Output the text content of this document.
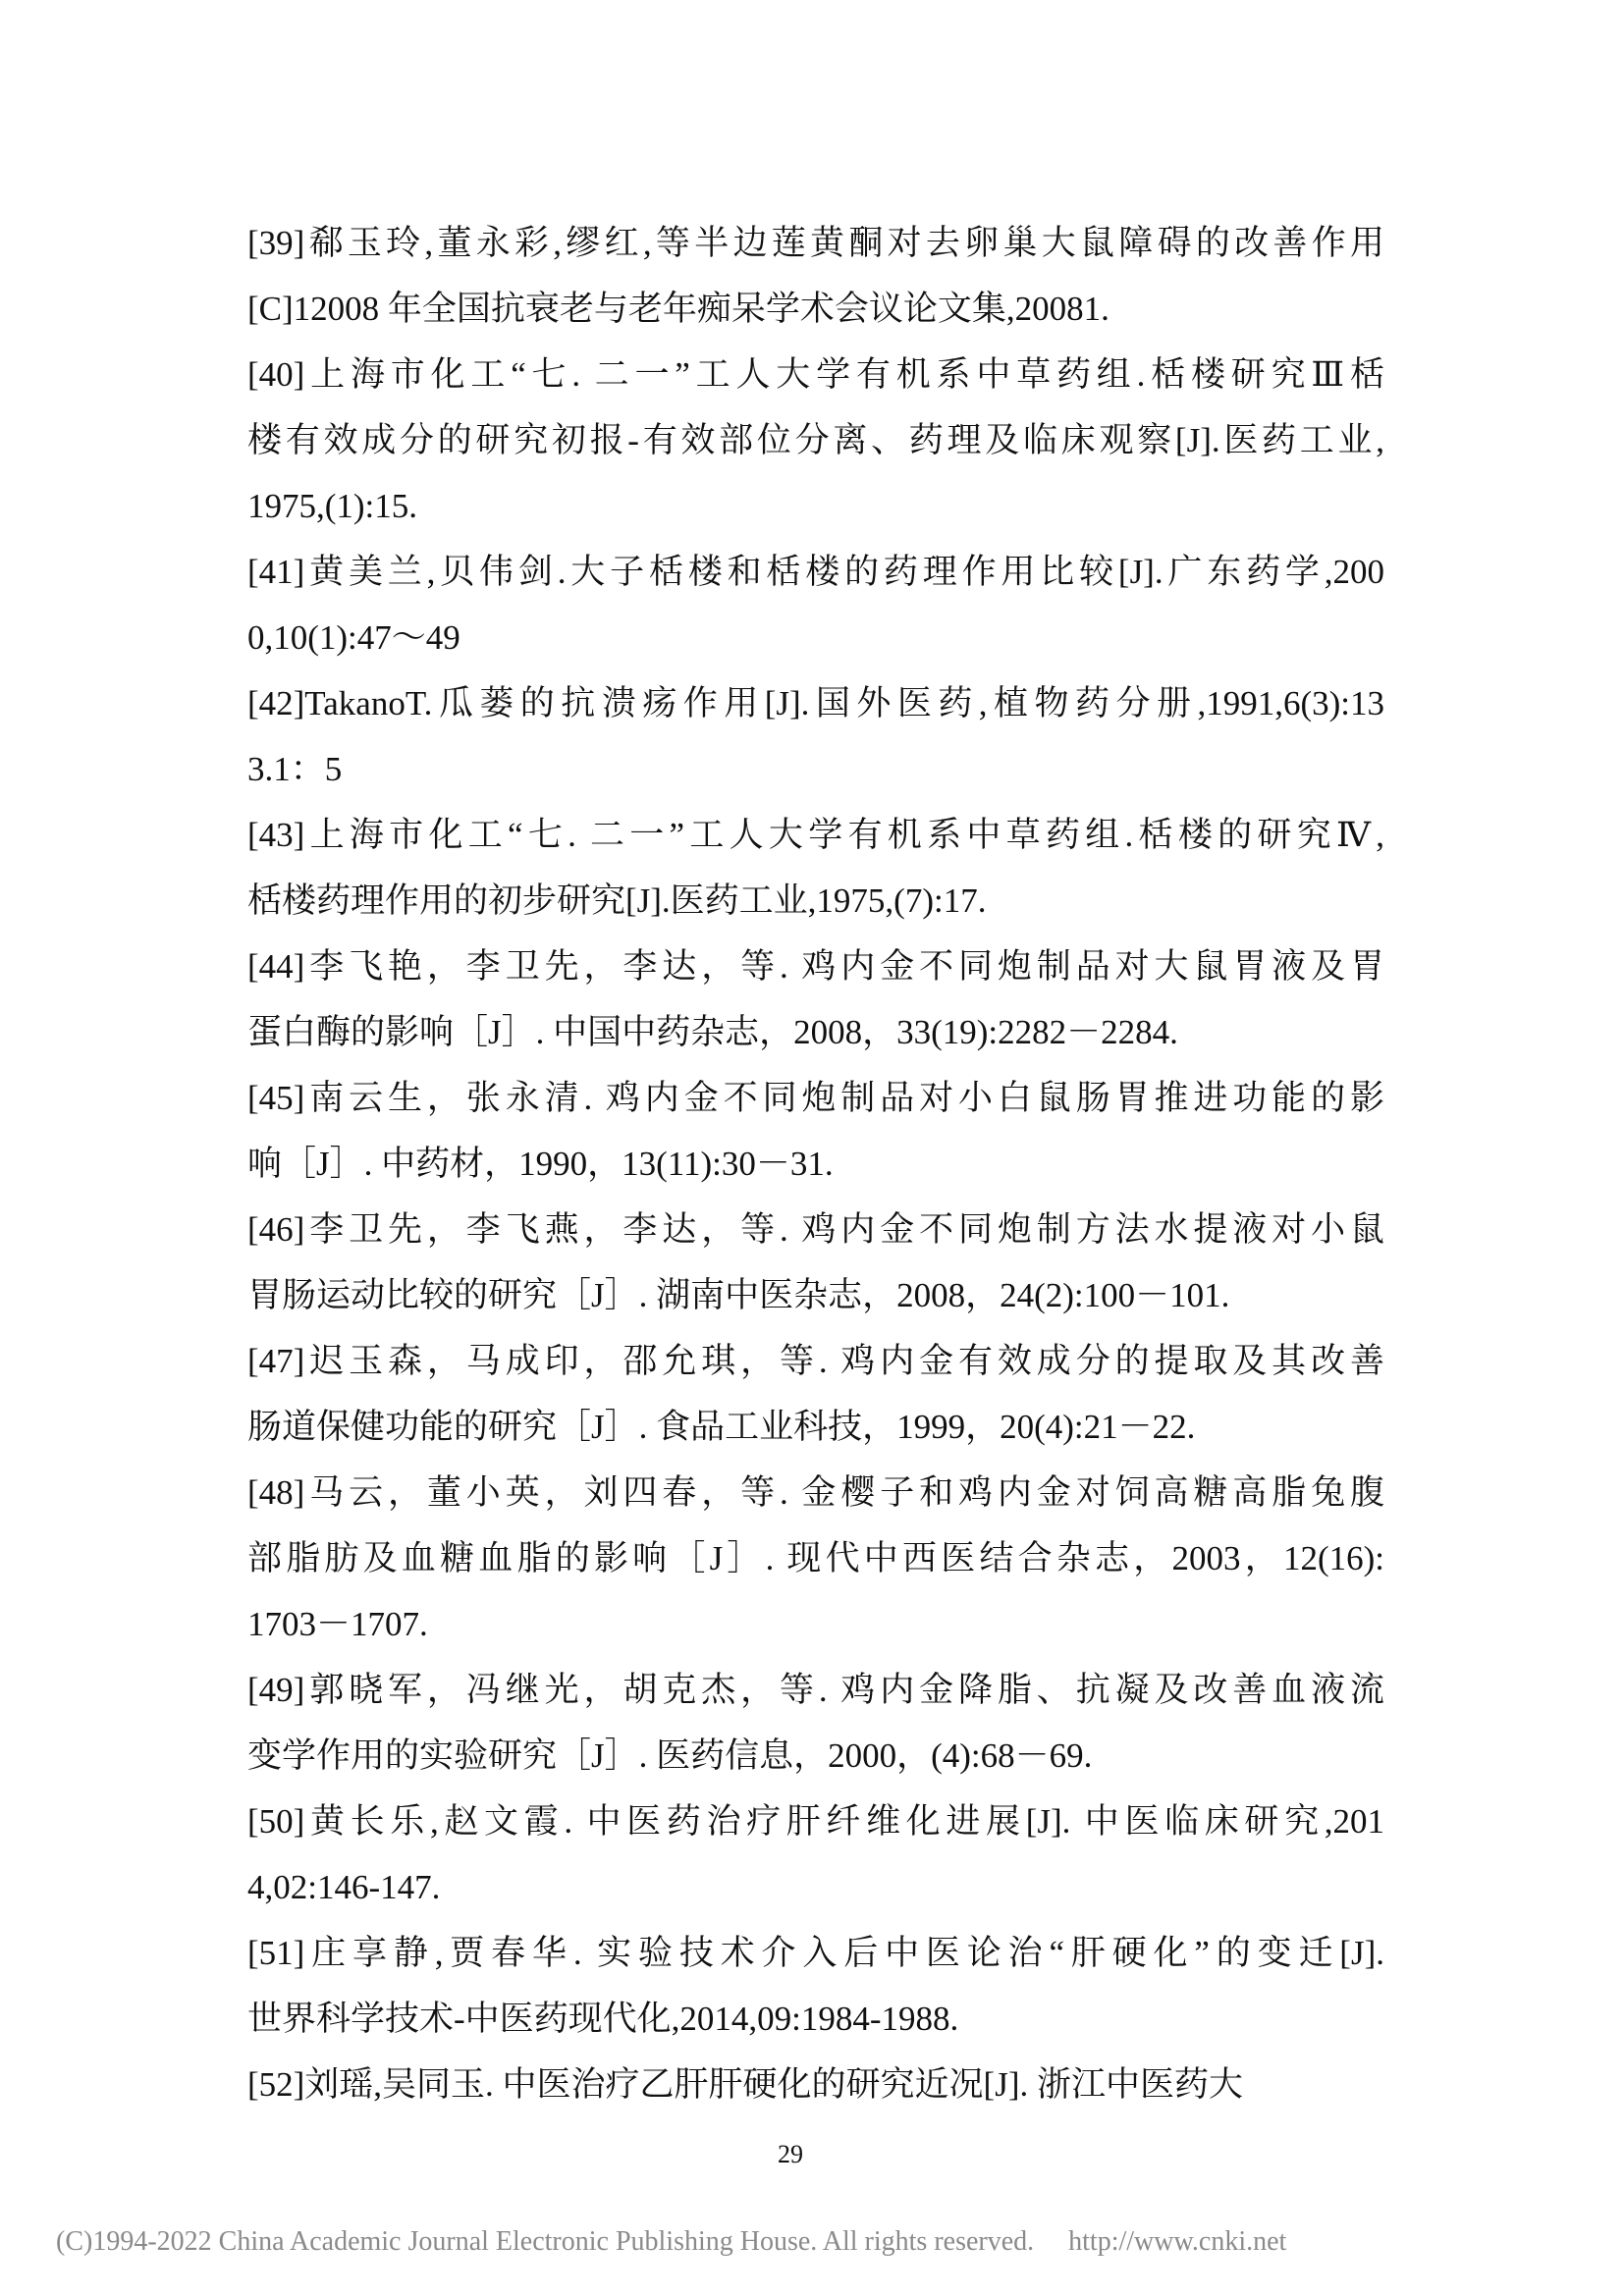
[39]郗玉玲,董永彩,缪红,等半边莲黄酮对去卵巢大鼠障碍的改善作用
[C]12008 年全国抗衰老与老年痴呆学术会议论文集,20081.
[40]上海市化工“七. 二一”工人大学有机系中草药组.栝楼研究Ⅲ栝
楼有效成分的研究初报-有效部位分离、药理及临床观察[J].医药工业,
1975,(1):15.
[41]黄美兰,贝伟剑.大子栝楼和栝楼的药理作用比较[J].广东药学,200
0,10(1):47～49
[42]TakanoT.瓜蒌的抗溃疡作用[J].国外医药,植物药分册,1991,6(3):13
3.1：5
[43]上海市化工“七. 二一”工人大学有机系中草药组.栝楼的研究Ⅳ,
栝楼药理作用的初步研究[J].医药工业,1975,(7):17.
[44]李飞艳，李卫先，李达，等. 鸡内金不同炮制品对大鼠胃液及胃
蛋白酶的影响［J］. 中国中药杂志，2008，33(19):2282－2284.
[45]南云生，张永清. 鸡内金不同炮制品对小白鼠肠胃推进功能的影
响［J］. 中药材，1990，13(11):30－31.
[46]李卫先，李飞燕，李达，等. 鸡内金不同炮制方法水提液对小鼠
胃肠运动比较的研究［J］. 湖南中医杂志，2008，24(2):100－101.
[47]迟玉森，马成印，邵允琪，等. 鸡内金有效成分的提取及其改善
肠道保健功能的研究［J］. 食品工业科技，1999，20(4):21－22.
[48]马云，董小英，刘四春，等. 金樱子和鸡内金对饲高糖高脂兔腹
部脂肪及血糖血脂的影响［J］. 现代中西医结合杂志，2003，12(16):
1703－1707.
[49]郭晓军，冯继光，胡克杰，等. 鸡内金降脂、抗凝及改善血液流
变学作用的实验研究［J］. 医药信息，2000，(4):68－69.
[50]黄长乐,赵文霞. 中医药治疗肝纤维化进展[J]. 中医临床研究,201
4,02:146-147.
[51]庄享静,贾春华. 实验技术介入后中医论治“肝硬化”的变迁[J].
世界科学技术-中医药现代化,2014,09:1984-1988.
[52]刘瑶,吴同玉. 中医治疗乙肝肝硬化的研究近况[J]. 浙江中医药大
29
(C)1994-2022 China Academic Journal Electronic Publishing House. All rights reserved. http://www.cnki.net
